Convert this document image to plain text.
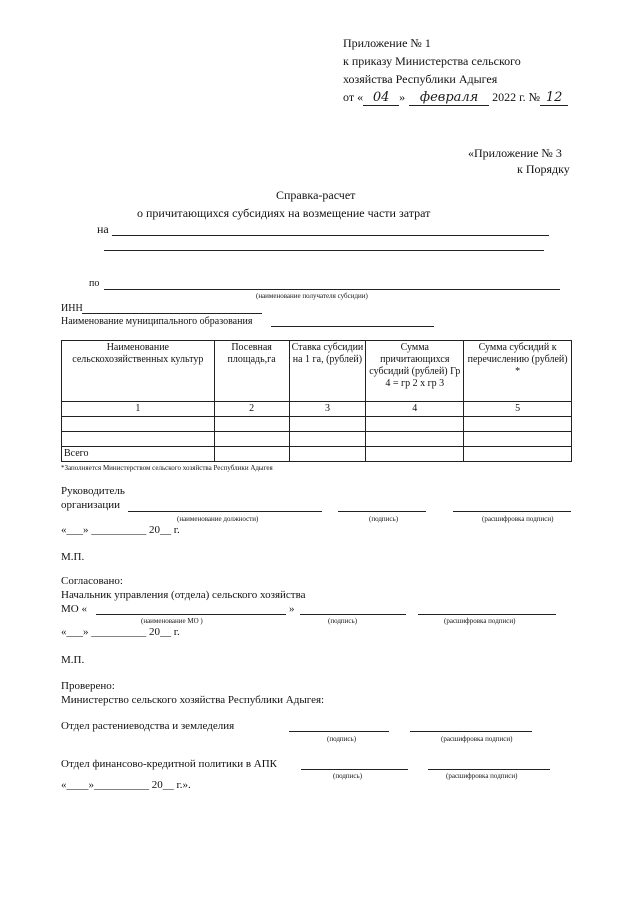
Приложение № 1
к приказу Министерства сельского
хозяйства Республики Адыгея
от « 04 » февраля 2022 г. № 12
«Приложение № 3
к Порядку
Справка-расчет
о причитающихся субсидиях на возмещение части затрат
на
по
(наименование получателя субсидии)
ИНН
Наименование муниципального образования
Наименование сельскохозяйственных культур	Посевная площадь,га	Ставка субсидии на 1 га, (рублей)	Сумма причитающихся субсидий (рублей) Гр 4 = гр 2 х гр 3	Сумма субсидий к перечислению (рублей) *
1	2	3	4	5

Всего				
*Заполняется Министерством сельского хозяйства Республики Адыгея
Руководитель
организации
(наименование должности)	(подпись)	(расшифровка подписи)
«___» __________ 20__ г.
М.П.
Согласовано:
Начальник управления (отдела) сельского хозяйства
МО «	»
(наименование МО )	(подпись)	(расшифровка подписи)
«___» __________ 20__ г.
М.П.
Проверено:
Министерство сельского хозяйства Республики Адыгея:
Отдел растениеводства и земледелия
(подпись)	(расшифровка подписи)
Отдел финансово-кредитной политики в АПК
(подпись)	(расшифровка подписи)
«____»__________ 20__ г.».
